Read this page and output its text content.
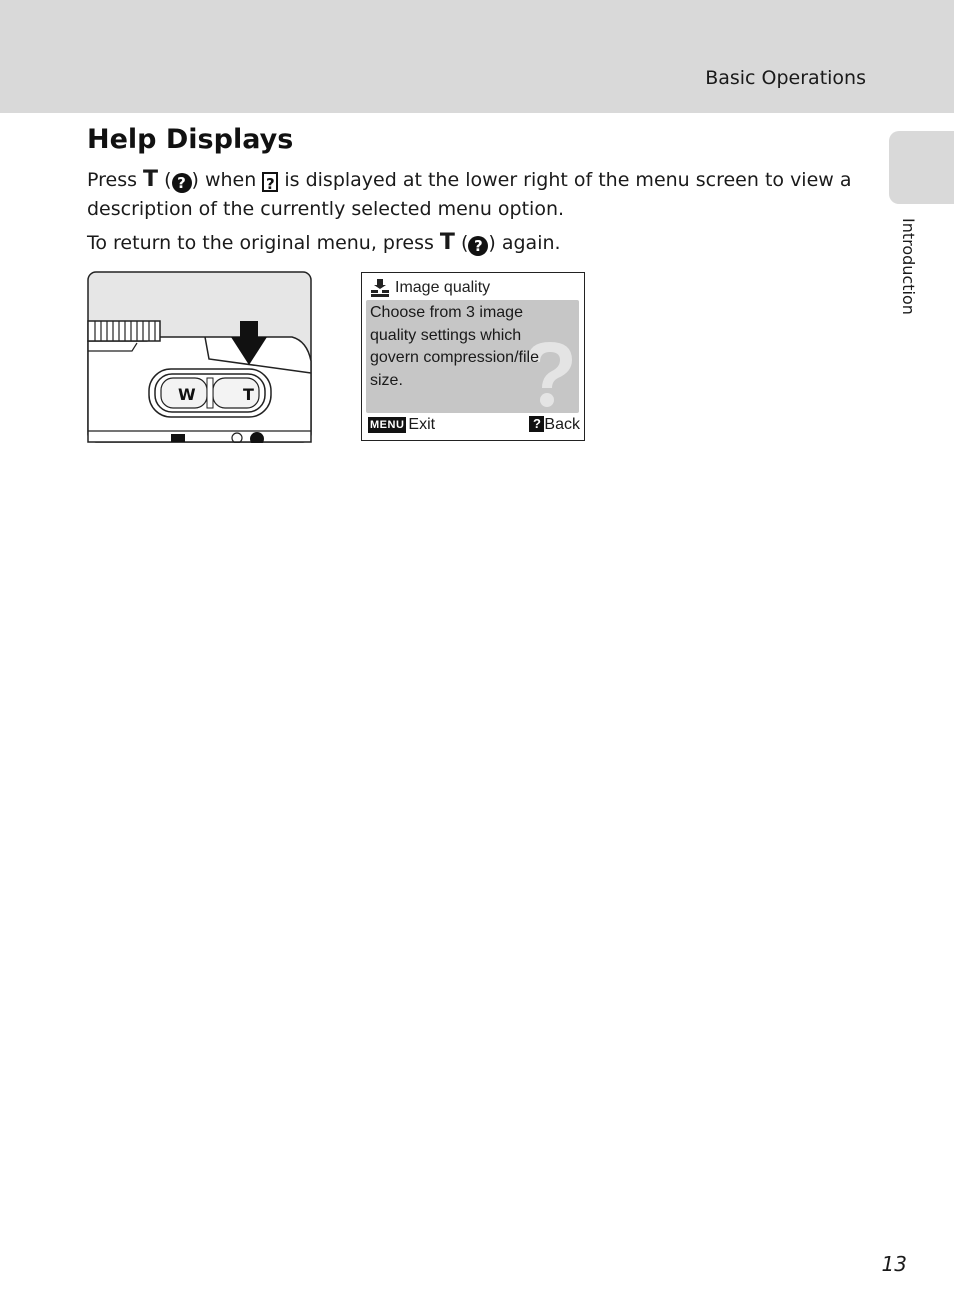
Basic Operations
Introduction
Help Displays

Press T ( ? ) when ? is displayed at the lower right of the menu screen to view a description of the currently selected menu option.

To return to the original menu, press T ( ? ) again.

W	T
Image quality
Choose from 3 image quality settings which govern compression/file size.
MENU Exit	? Back
13
